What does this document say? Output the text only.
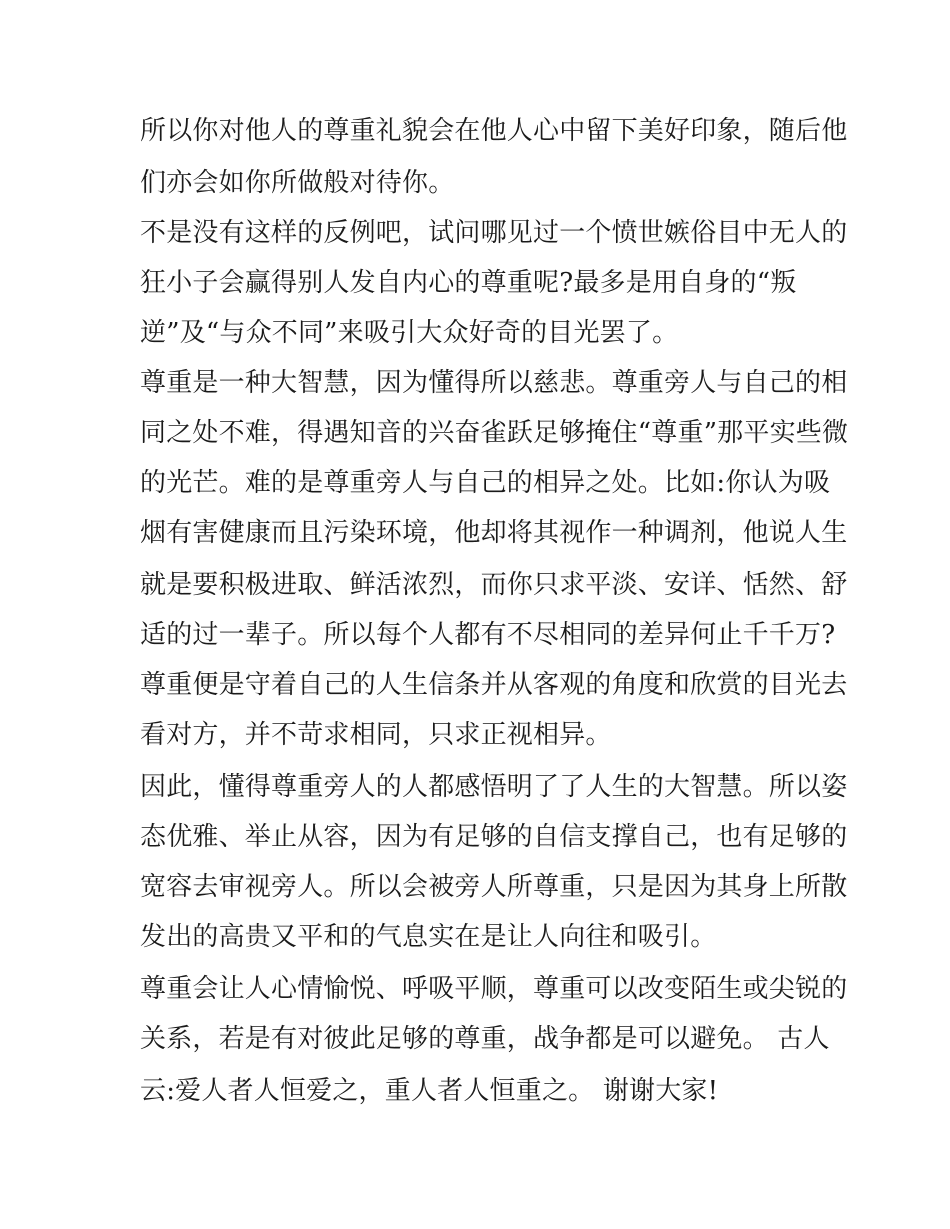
所以你对他人的尊重礼貌会在他人心中留下美好印象，随后他
们亦会如你所做般对待你。
不是没有这样的反例吧，试问哪见过一个愤世嫉俗目中无人的
狂小子会赢得别人发自内心的尊重呢?最多是用自身的“叛
逆”及“与众不同”来吸引大众好奇的目光罢了。
尊重是一种大智慧，因为懂得所以慈悲。尊重旁人与自己的相
同之处不难，得遇知音的兴奋雀跃足够掩住“尊重”那平实些微
的光芒。难的是尊重旁人与自己的相异之处。比如:你认为吸
烟有害健康而且污染环境，他却将其视作一种调剂，他说人生
就是要积极进取、鲜活浓烈，而你只求平淡、安详、恬然、舒
适的过一辈子。所以每个人都有不尽相同的差异何止千千万?
尊重便是守着自己的人生信条并从客观的角度和欣赏的目光去
看对方，并不苛求相同，只求正视相异。
因此，懂得尊重旁人的人都感悟明了了人生的大智慧。所以姿
态优雅、举止从容，因为有足够的自信支撑自己，也有足够的
宽容去审视旁人。所以会被旁人所尊重，只是因为其身上所散
发出的高贵又平和的气息实在是让人向往和吸引。
尊重会让人心情愉悦、呼吸平顺，尊重可以改变陌生或尖锐的
关系，若是有对彼此足够的尊重，战争都是可以避免。 古人
云:爱人者人恒爱之，重人者人恒重之。 谢谢大家!
